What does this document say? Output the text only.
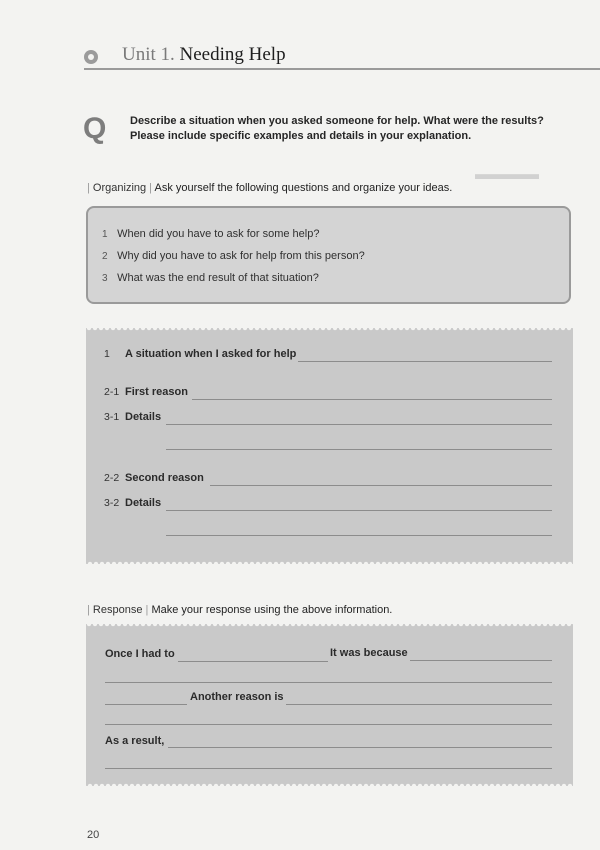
Unit 1. Needing Help
Q Describe a situation when you asked someone for help. What were the results? Please include specific examples and details in your explanation.
▬▬▬▬
| Organizing | Ask yourself the following questions and organize your ideas.
1 When did you have to ask for some help?
2 Why did you have to ask for help from this person?
3 What was the end result of that situation?
1 A situation when I asked for help
2-1 First reason
3-1 Details
2-2 Second reason
3-2 Details
| Response | Make your response using the above information.
Once I had to	It was because
Another reason is
As a result,
20
